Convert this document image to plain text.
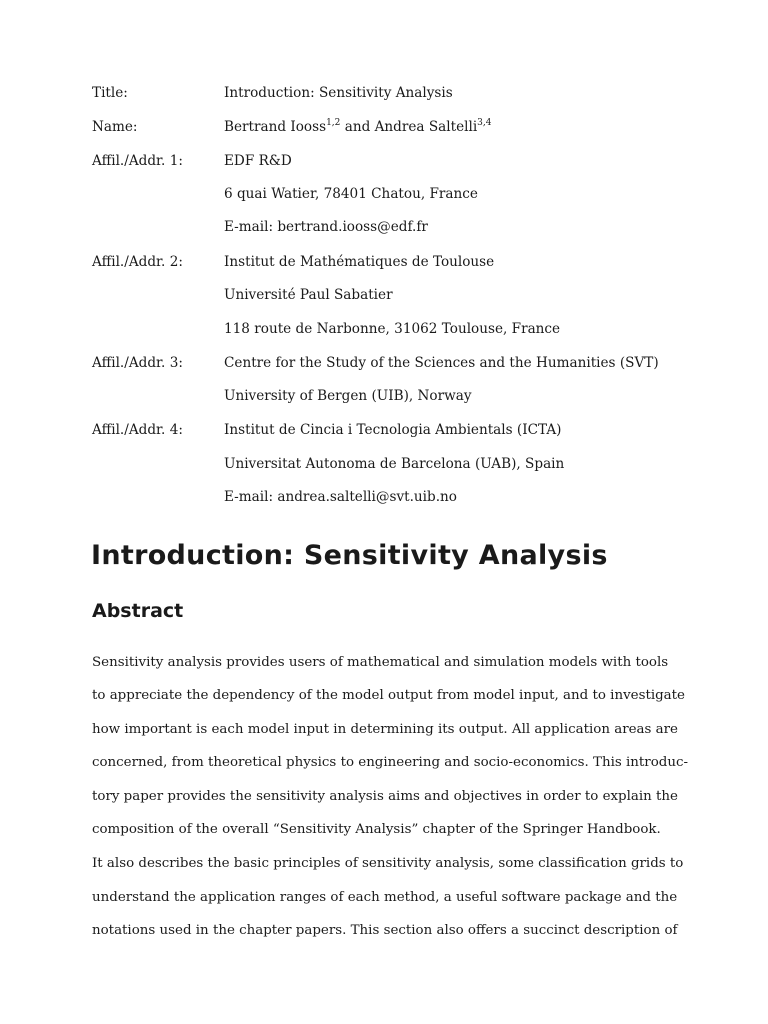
Title:	Introduction: Sensitivity Analysis
Name:	Bertrand Iooss$^{1,2}$ and Andrea Saltelli$^{3,4}$
Affil./Addr. 1:	EDF R&D
6 quai Watier, 78401 Chatou, France
E-mail: bertrand.iooss@edf.fr
Affil./Addr. 2:	Institut de Mathématiques de Toulouse
Université Paul Sabatier
118 route de Narbonne, 31062 Toulouse, France
Affil./Addr. 3:	Centre for the Study of the Sciences and the Humanities (SVT)
University of Bergen (UIB), Norway
Affil./Addr. 4:	Institut de Cincia i Tecnologia Ambientals (ICTA)
Universitat Autonoma de Barcelona (UAB), Spain
E-mail: andrea.saltelli@svt.uib.no
Introduction: Sensitivity Analysis
Abstract
Sensitivity analysis provides users of mathematical and simulation models with tools
to appreciate the dependency of the model output from model input, and to investigate
how important is each model input in determining its output. All application areas are
concerned, from theoretical physics to engineering and socio-economics. This introduc-
tory paper provides the sensitivity analysis aims and objectives in order to explain the
composition of the overall “Sensitivity Analysis” chapter of the Springer Handbook.
It also describes the basic principles of sensitivity analysis, some classification grids to
understand the application ranges of each method, a useful software package and the
notations used in the chapter papers. This section also offers a succinct description of
